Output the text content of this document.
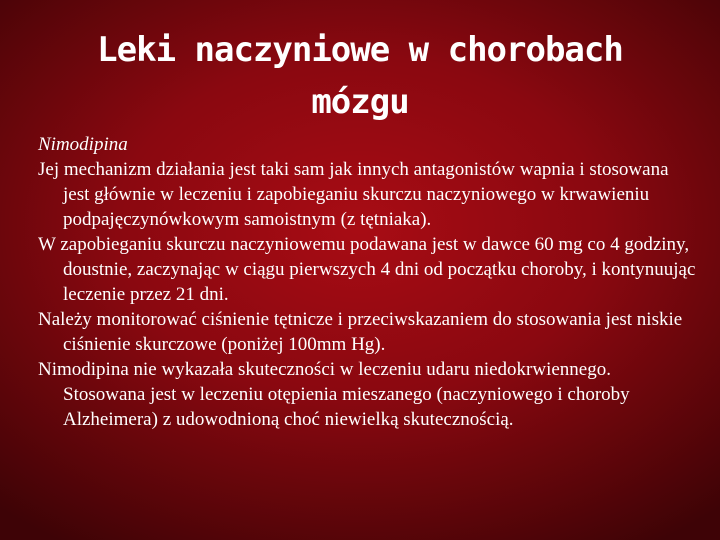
Leki naczyniowe w chorobach
mózgu

Nimodipina

Jej mechanizm działania jest taki sam jak innych antagonistów wapnia i stosowana jest głównie w leczeniu i zapobieganiu skurczu naczyniowego w krwawieniu podpajęczynówkowym samoistnym (z tętniaka).

W zapobieganiu skurczu naczyniowemu podawana jest w dawce 60 mg co 4 godziny, doustnie, zaczynając w ciągu pierwszych 4 dni od początku choroby, i kontynuując leczenie przez 21 dni.

Należy monitorować ciśnienie tętnicze i przeciwskazaniem do stosowania jest niskie ciśnienie skurczowe (poniżej 100mm Hg).

Nimodipina nie wykazała skuteczności w leczeniu udaru niedokrwiennego. Stosowana jest w leczeniu otępienia mieszanego (naczyniowego i choroby Alzheimera) z udowodnioną choć niewielką skutecznością.
